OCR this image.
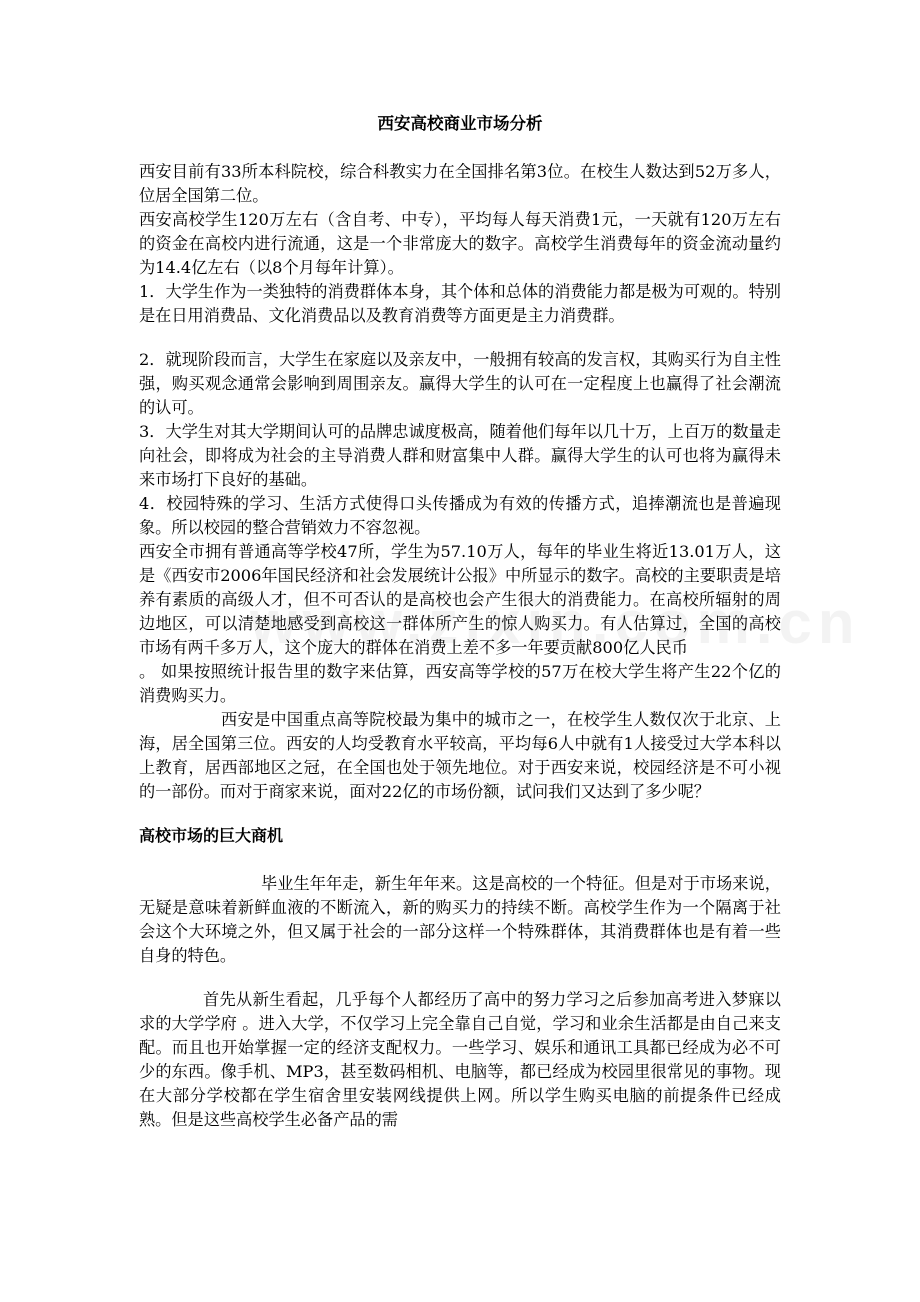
西安高校商业市场分析
西安目前有33所本科院校，综合科教实力在全国排名第3位。在校生人数达到52万多人，位居全国第二位。
西安高校学生120万左右（含自考、中专），平均每人每天消费1元，一天就有120万左右的资金在高校内进行流通，这是一个非常庞大的数字。高校学生消费每年的资金流动量约为14.4亿左右（以8个月每年计算）。
1．大学生作为一类独特的消费群体本身，其个体和总体的消费能力都是极为可观的。特别是在日用消费品、文化消费品以及教育消费等方面更是主力消费群。
2．就现阶段而言，大学生在家庭以及亲友中，一般拥有较高的发言权，其购买行为自主性强，购买观念通常会影响到周围亲友。赢得大学生的认可在一定程度上也赢得了社会潮流的认可。
3．大学生对其大学期间认可的品牌忠诚度极高，随着他们每年以几十万，上百万的数量走向社会，即将成为社会的主导消费人群和财富集中人群。赢得大学生的认可也将为赢得未来市场打下良好的基础。
4．校园特殊的学习、生活方式使得口头传播成为有效的传播方式，追捧潮流也是普遍现象。所以校园的整合营销效力不容忽视。
西安全市拥有普通高等学校47所，学生为57.10万人，每年的毕业生将近13.01万人，这是《西安市2006年国民经济和社会发展统计公报》中所显示的数字。高校的主要职责是培养有素质的高级人才，但不可否认的是高校也会产生很大的消费能力。在高校所辐射的周边地区，可以清楚地感受到高校这一群体所产生的惊人购买力。有人估算过，全国的高校市场有两千多万人，这个庞大的群体在消费上差不多一年要贡献800亿人民币
。 如果按照统计报告里的数字来估算，西安高等学校的57万在校大学生将产生22个亿的消费购买力。
西安是中国重点高等院校最为集中的城市之一，在校学生人数仅次于北京、上海，居全国第三位。西安的人均受教育水平较高，平均每6人中就有1人接受过大学本科以上教育，居西部地区之冠，在全国也处于领先地位。对于西安来说，校园经济是不可小视的一部份。而对于商家来说，面对22亿的市场份额，试问我们又达到了多少呢？
高校市场的巨大商机
毕业生年年走，新生年年来。这是高校的一个特征。但是对于市场来说，无疑是意味着新鲜血液的不断流入，新的购买力的持续不断。高校学生作为一个隔离于社会这个大环境之外，但又属于社会的一部分这样一个特殊群体，其消费群体也是有着一些自身的特色。
首先从新生看起，几乎每个人都经历了高中的努力学习之后参加高考进入梦寐以求的大学学府 。进入大学，不仅学习上完全靠自己自觉，学习和业余生活都是由自己来支配。而且也开始掌握一定的经济支配权力。一些学习、娱乐和通讯工具都已经成为必不可少的东西。像手机、MP3，甚至数码相机、电脑等，都已经成为校园里很常见的事物。现在大部分学校都在学生宿舍里安装网线提供上网。所以学生购买电脑的前提条件已经成熟。但是这些高校学生必备产品的需
